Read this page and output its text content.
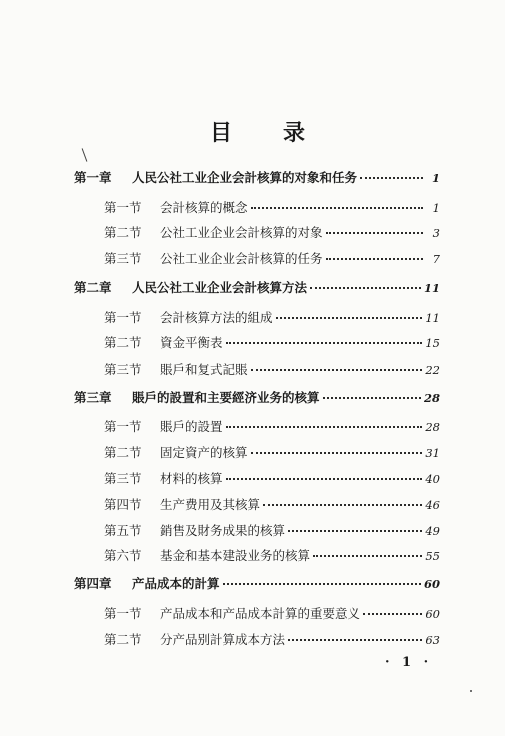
目 录
第一章	人民公社工业企业会計核算的对象和任务	1
第一节	会計核算的概念	1
第二节	公社工业企业会計核算的对象	3
第三节	公社工业企业会計核算的任务	7
第二章	人民公社工业企业会計核算方法	11
第一节	会計核算方法的組成	11
第二节	資金平衡表	15
第三节	賬戶和复式記賬	22
第三章	賬戶的設置和主要經济业务的核算	28
第一节	賬戶的設置	28
第二节	固定資产的核算	31
第三节	材料的核算	40
第四节	生产费用及其核算	46
第五节	銷售及財务成果的核算	49
第六节	基金和基本建設业务的核算	55
第四章	产品成本的計算	60
第一节	产品成本和产品成本計算的重要意义	60
第二节	分产品别計算成本方法	63
· 1 ·
